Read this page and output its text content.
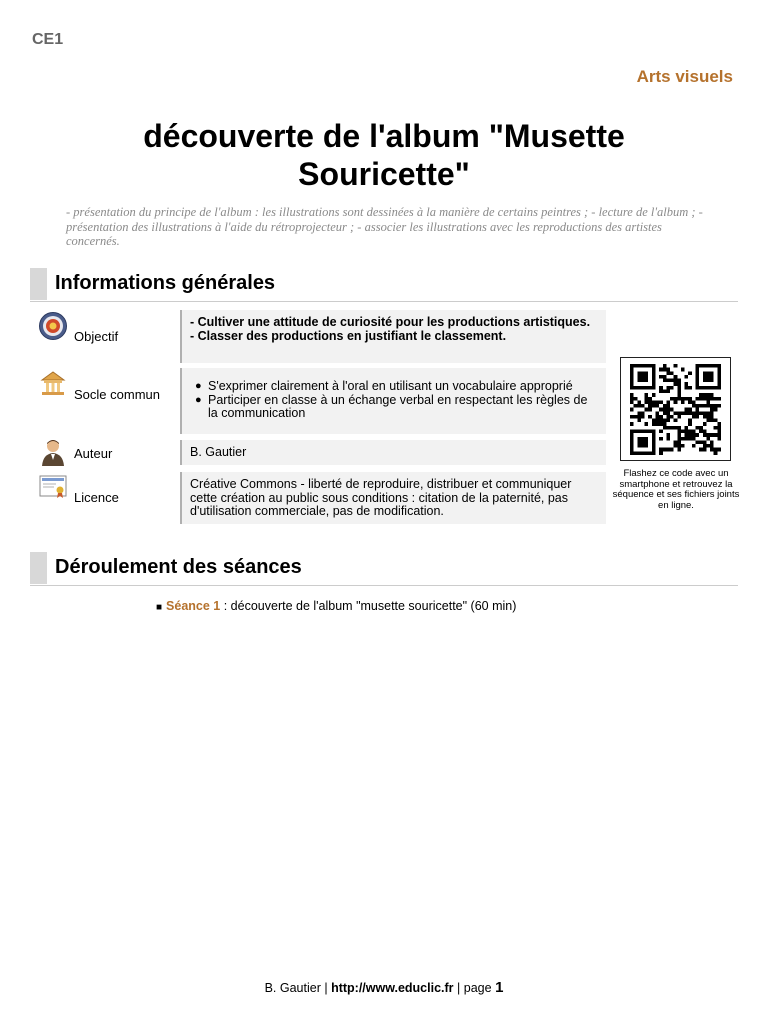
CE1
Arts visuels
découverte de l'album "Musette Souricette"

- présentation du principe de l'album : les illustrations sont dessinées à la manière de certains peintres ; - lecture de l'album ; - présentation des illustrations à l'aide du rétroprojecteur ; - associer les illustrations avec les reproductions des artistes concernés.

Informations générales
Objectif
- Cultiver une attitude de curiosité pour les productions artistiques.
- Classer des productions en justifiant le classement.
Socle commun
● S'exprimer clairement à l'oral en utilisant un vocabulaire approprié
● Participer en classe à un échange verbal en respectant les règles de la communication
Auteur	B. Gautier
Licence
Créative Commons - liberté de reproduire, distribuer et communiquer cette création au public sous conditions : citation de la paternité, pas d'utilisation commerciale, pas de modification.
Flashez ce code avec un smartphone et retrouvez la séquence et ses fichiers joints en ligne.
Déroulement des séances
■ Séance 1 : découverte de l'album "musette souricette" (60 min)
B. Gautier | http://www.educlic.fr | page 1
